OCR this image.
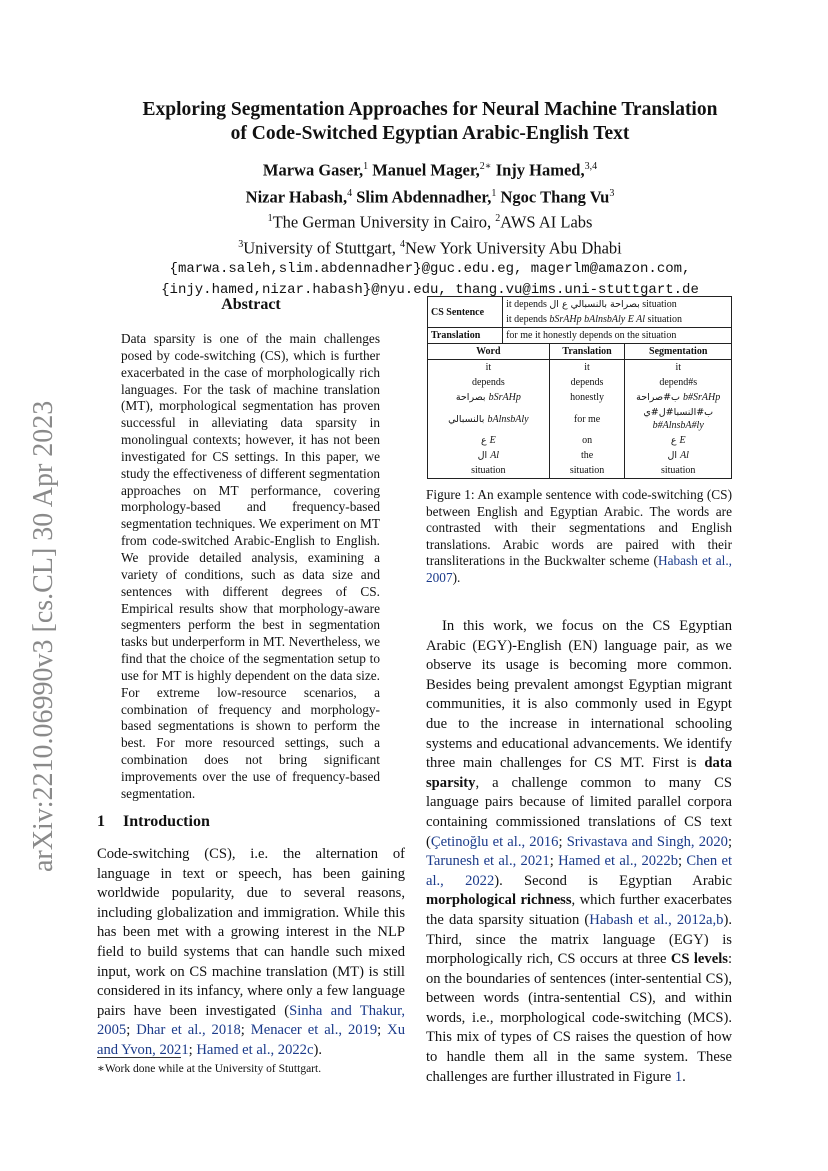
arXiv:2210.06990v3 [cs.CL] 30 Apr 2023
Exploring Segmentation Approaches for Neural Machine Translation
of Code-Switched Egyptian Arabic-English Text
Marwa Gaser,$^1$ Manuel Mager,$^{2∗}$ Injy Hamed,$^{3,4}$
Nizar Habash,$^4$ Slim Abdennadher,$^1$ Ngoc Thang Vu$^3$
$^1$The German University in Cairo, $^2$AWS AI Labs
$^3$University of Stuttgart, $^4$New York University Abu Dhabi
{marwa.saleh,slim.abdennadher}@guc.edu.eg, magerlm@amazon.com,
{injy.hamed,nizar.habash}@nyu.edu, thang.vu@ims.uni-stuttgart.de
Abstract
Data sparsity is one of the main challenges posed by code-switching (CS), which is further exacerbated in the case of morphologically rich languages. For the task of machine translation (MT), morphological segmentation has proven successful in alleviating data sparsity in monolingual contexts; however, it has not been investigated for CS settings. In this paper, we study the effectiveness of different segmentation approaches on MT performance, covering morphology-based and frequency-based segmentation techniques. We experiment on MT from code-switched Arabic-English to English. We provide detailed analysis, examining a variety of conditions, such as data size and sentences with different degrees of CS. Empirical results show that morphology-aware segmenters perform the best in segmentation tasks but underperform in MT. Nevertheless, we find that the choice of the segmentation setup to use for MT is highly dependent on the data size. For extreme low-resource scenarios, a combination of frequency and morphology-based segmentations is shown to perform the best. For more resourced settings, such a combination does not bring significant improvements over the use of frequency-based segmentation.
1 Introduction
Code-switching (CS), i.e. the alternation of language in text or speech, has been gaining worldwide popularity, due to several reasons, including globalization and immigration. While this has been met with a growing interest in the NLP field to build systems that can handle such mixed input, work on CS machine translation (MT) is still considered in its infancy, where only a few language pairs have been investigated (Sinha and Thakur, 2005; Dhar et al., 2018; Menacer et al., 2019; Xu and Yvon, 2021; Hamed et al., 2022c).
∗Work done while at the University of Stuttgart.
CS Sentence	it depends بصراحة بالنسبالي ع ال situation
	it depends bSrAHp bAlnsbAly E Al situation
Translation	for me it honestly depends on the situation
Word	Translation	Segmentation
it	it	it
depends	depends	depend#s
بصراحة bSrAHp	honestly	ب#صراحة b#SrAHp
بالنسبالي bAlnsbAly	for me	ب#النسبا#ل#ي b#AlnsbA#ly
ع E	on	ع E
ال Al	the	ال Al
situation	situation	situation
Figure 1: An example sentence with code-switching (CS) between English and Egyptian Arabic. The words are contrasted with their segmentations and English translations. Arabic words are paired with their transliterations in the Buckwalter scheme (Habash et al., 2007).
In this work, we focus on the CS Egyptian Arabic (EGY)-English (EN) language pair, as we observe its usage is becoming more common. Besides being prevalent amongst Egyptian migrant communities, it is also commonly used in Egypt due to the increase in international schooling systems and educational advancements. We identify three main challenges for CS MT. First is data sparsity, a challenge common to many CS language pairs because of limited parallel corpora containing commissioned translations of CS text (Çetinoğlu et al., 2016; Srivastava and Singh, 2020; Tarunesh et al., 2021; Hamed et al., 2022b; Chen et al., 2022). Second is Egyptian Arabic morphological richness, which further exacerbates the data sparsity situation (Habash et al., 2012a,b). Third, since the matrix language (EGY) is morphologically rich, CS occurs at three CS levels: on the boundaries of sentences (inter-sentential CS), between words (intra-sentential CS), and within words, i.e., morphological code-switching (MCS). This mix of types of CS raises the question of how to handle them all in the same system. These challenges are further illustrated in Figure 1.
